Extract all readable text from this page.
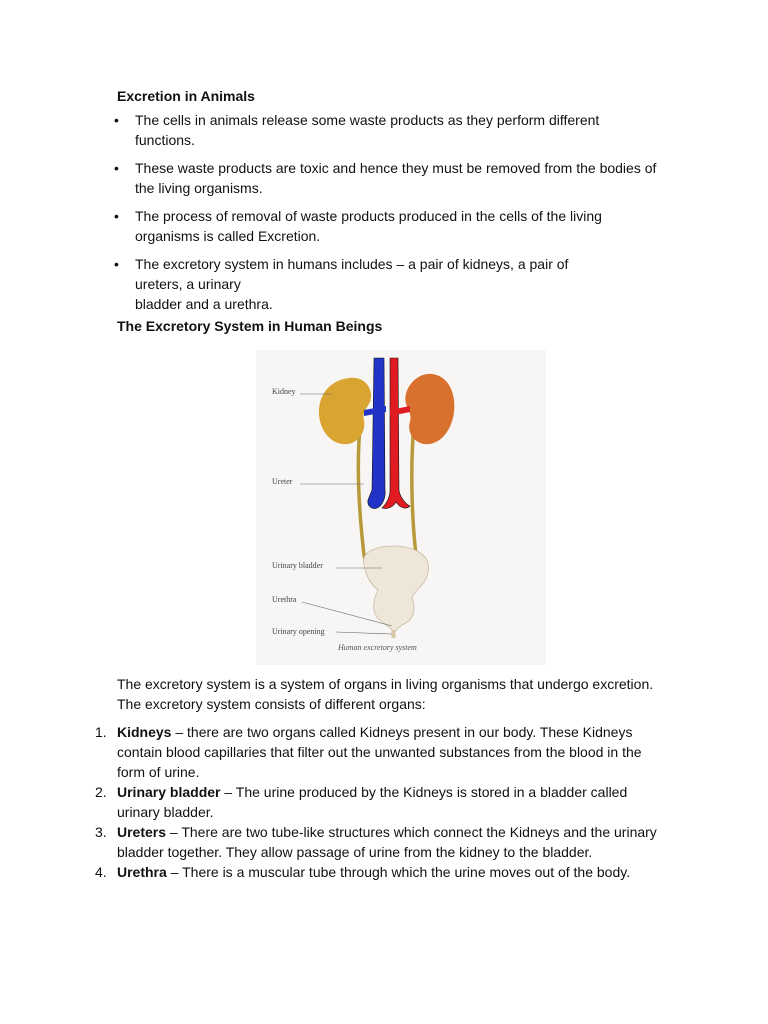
Excretion in Animals
• The cells in animals release some waste products as they perform different functions.
• These waste products are toxic and hence they must be removed from the bodies of the living organisms.
• The process of removal of waste products produced in the cells of the living organisms is called Excretion.
• The excretory system in humans includes – a pair of kidneys, a pair of ureters, a urinary
bladder and a urethra.
The Excretory System in Human Beings
Kidney
Ureter
Urinary bladder
Urethra
Urinary opening
Human excretory system

The excretory system is a system of organs in living organisms that undergo excretion. The excretory system consists of different organs:

1. Kidneys – there are two organs called Kidneys present in our body. These Kidneys contain blood capillaries that filter out the unwanted substances from the blood in the form of urine.
2. Urinary bladder – The urine produced by the Kidneys is stored in a bladder called urinary bladder.
3. Ureters – There are two tube-like structures which connect the Kidneys and the urinary bladder together. They allow passage of urine from the kidney to the bladder.
4. Urethra – There is a muscular tube through which the urine moves out of the body.
